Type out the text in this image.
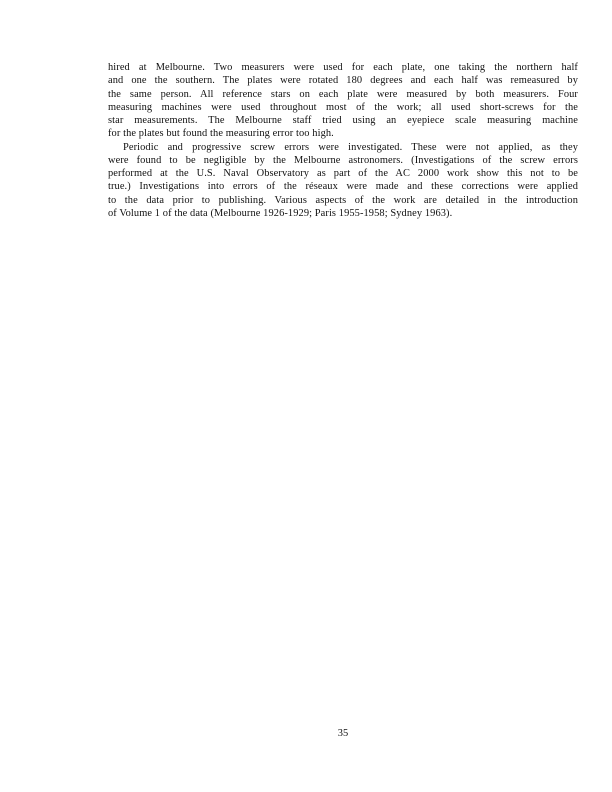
hired at Melbourne. Two measurers were used for each plate, one taking the northern half
and one the southern. The plates were rotated 180 degrees and each half was remeasured by
the same person. All reference stars on each plate were measured by both measurers. Four
measuring machines were used throughout most of the work; all used short-screws for the
star measurements. The Melbourne staff tried using an eyepiece scale measuring machine
for the plates but found the measuring error too high.
Periodic and progressive screw errors were investigated. These were not applied, as they
were found to be negligible by the Melbourne astronomers. (Investigations of the screw errors
performed at the U.S. Naval Observatory as part of the AC 2000 work show this not to be
true.) Investigations into errors of the réseaux were made and these corrections were applied
to the data prior to publishing. Various aspects of the work are detailed in the introduction
of Volume 1 of the data (Melbourne 1926-1929; Paris 1955-1958; Sydney 1963).
35
